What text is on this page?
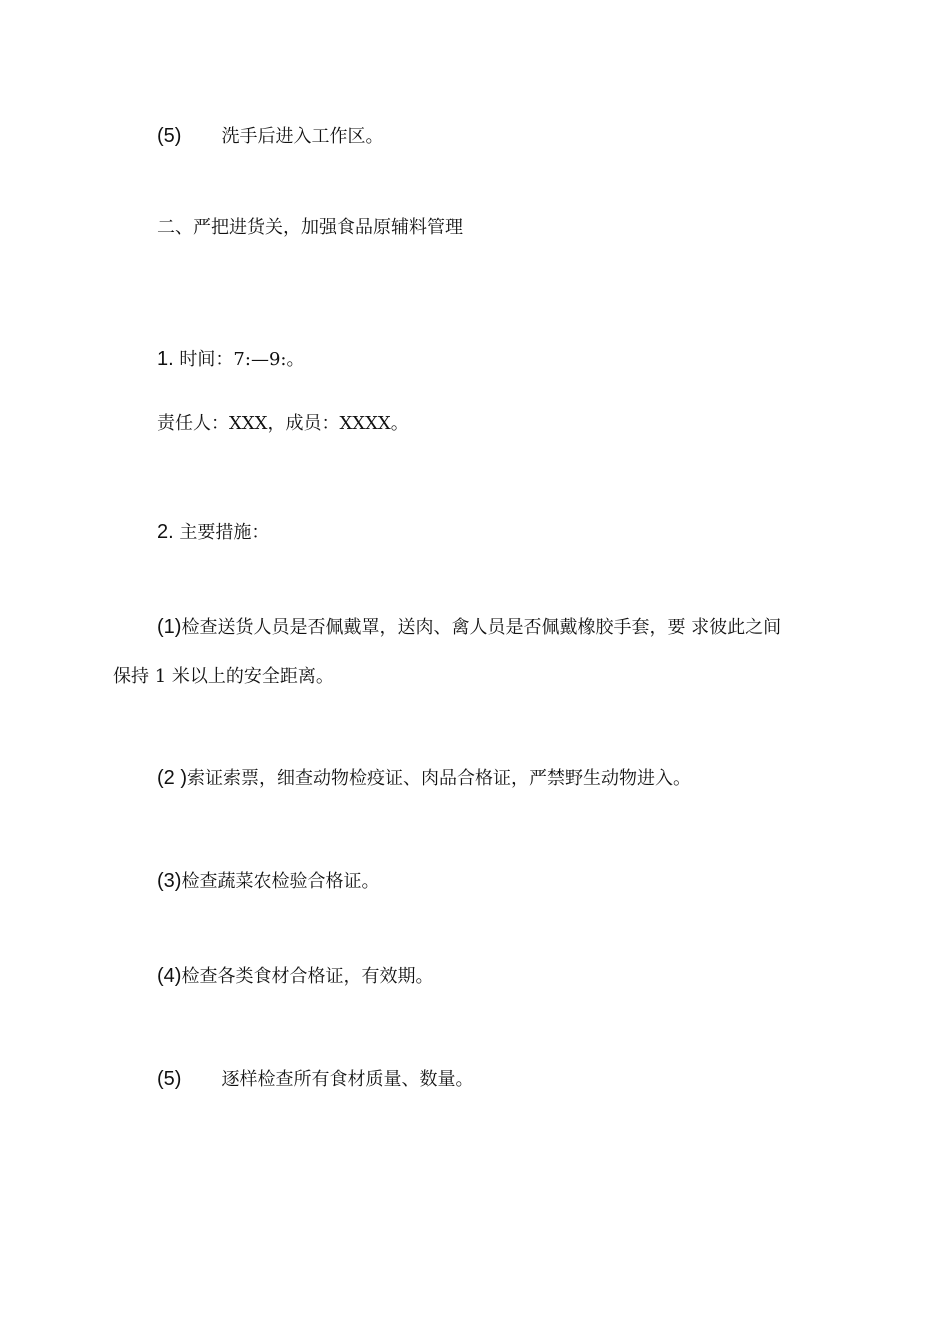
(5) 洗手后进入工作区。
二、严把进货关，加强食品原辅料管理
1. 时间：7:—9:。
责任人：XXX，成员：XXXX。
2. 主要措施：
(1)检查送货人员是否佩戴罩，送肉、禽人员是否佩戴橡胶手套，要 求彼此之间
保持 1 米以上的安全距离。
(2 )索证索票，细查动物检疫证、肉品合格证，严禁野生动物进入。
(3)检查蔬菜农检验合格证。
(4)检查各类食材合格证，有效期。
(5) 逐样检查所有食材质量、数量。
